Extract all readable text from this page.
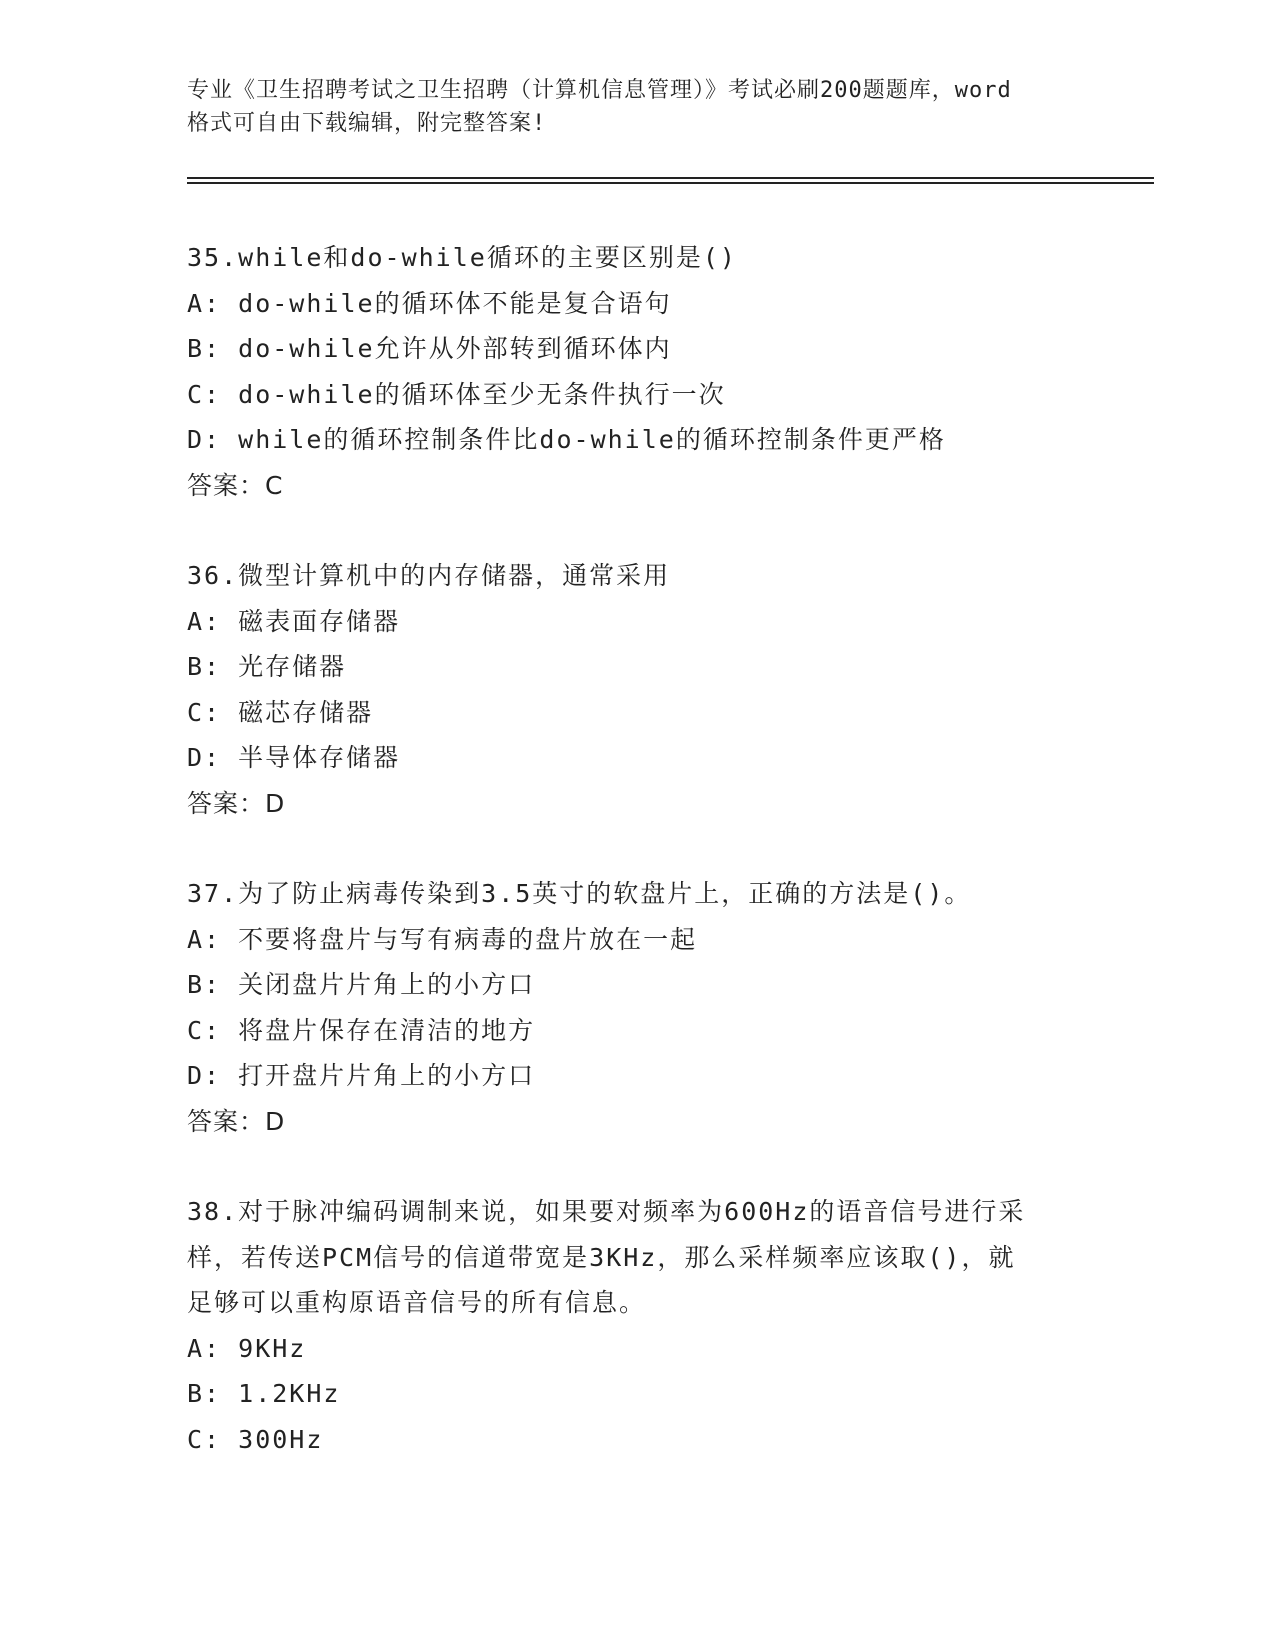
专业《卫生招聘考试之卫生招聘（计算机信息管理）》考试必刷200题题库，word
格式可自由下载编辑，附完整答案!

35.while和do-while循环的主要区别是()

A: do-while的循环体不能是复合语句

B: do-while允许从外部转到循环体内

C: do-while的循环体至少无条件执行一次

D: while的循环控制条件比do-while的循环控制条件更严格

答案：C

36.微型计算机中的内存储器，通常采用

A: 磁表面存储器

B: 光存储器

C: 磁芯存储器

D: 半导体存储器

答案：D

37.为了防止病毒传染到3.5英寸的软盘片上，正确的方法是()。

A: 不要将盘片与写有病毒的盘片放在一起

B: 关闭盘片片角上的小方口

C: 将盘片保存在清洁的地方

D: 打开盘片片角上的小方口

答案：D

38.对于脉冲编码调制来说，如果要对频率为600Hz的语音信号进行采

样，若传送PCM信号的信道带宽是3KHz，那么采样频率应该取()，就

足够可以重构原语音信号的所有信息。

A: 9KHz

B: 1.2KHz

C: 300Hz
